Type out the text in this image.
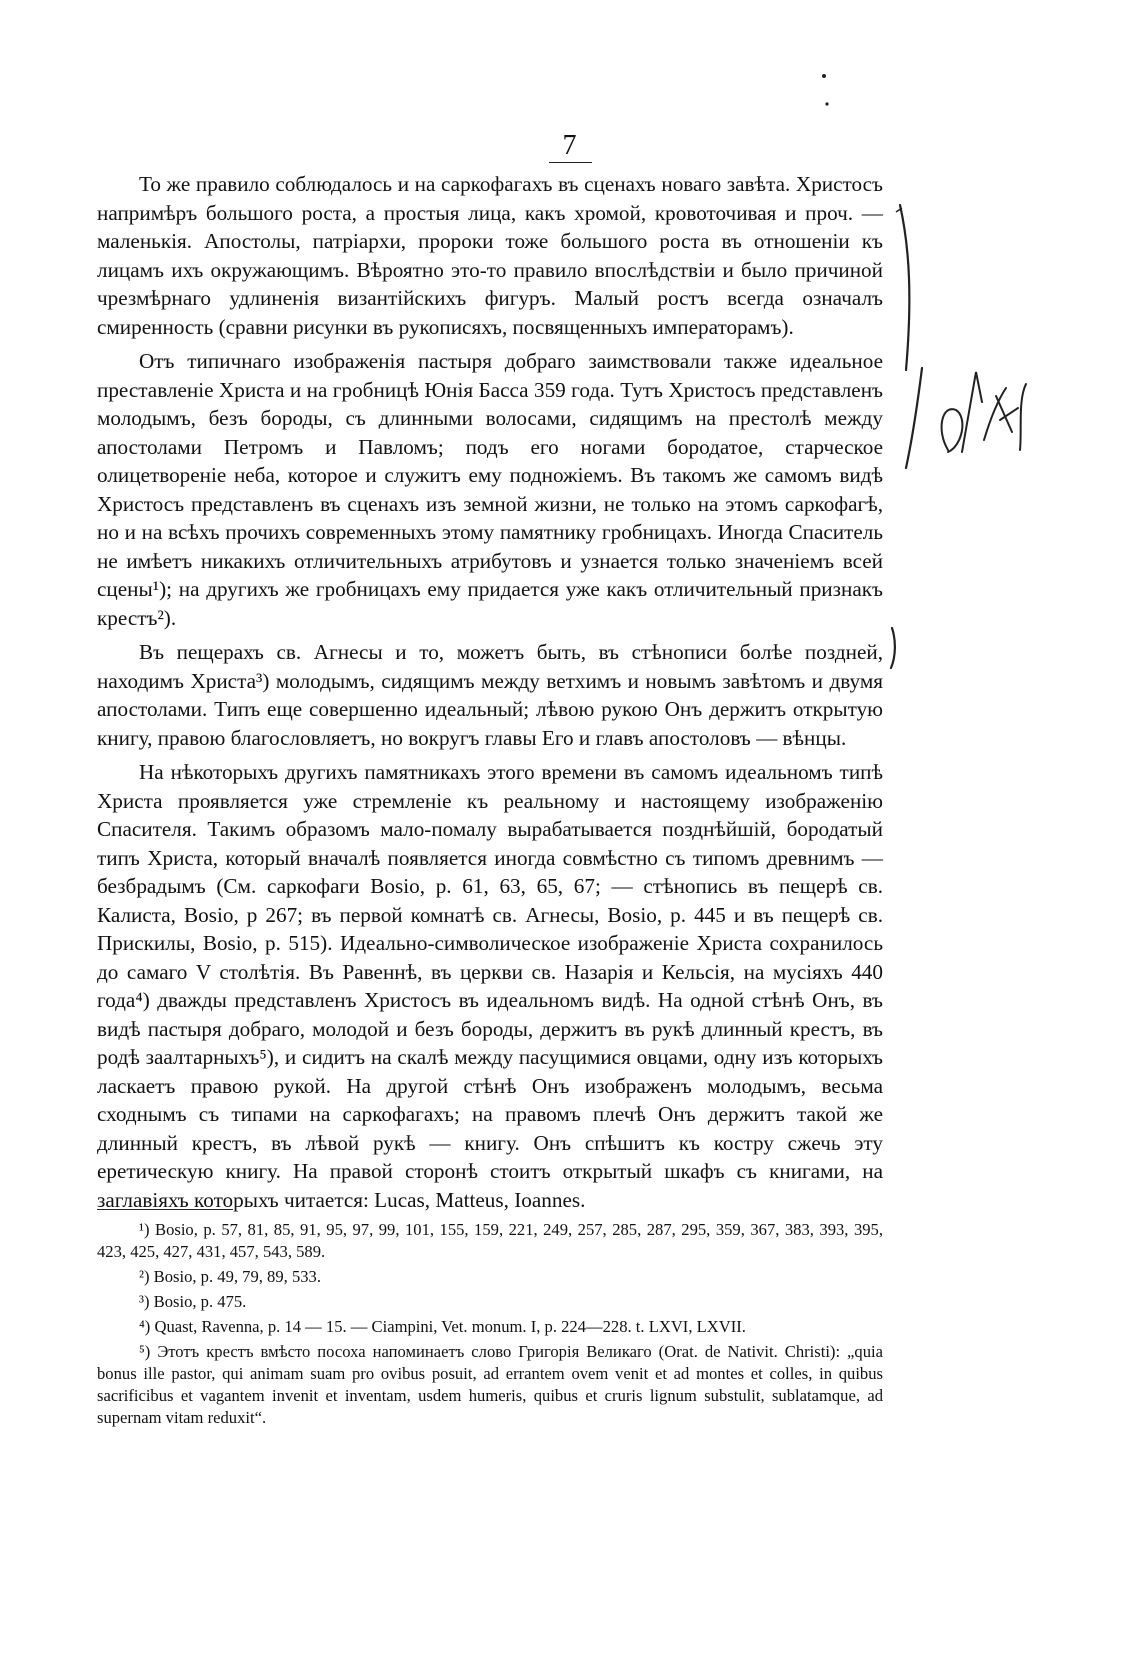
7

То же правило соблюдалось и на саркофагахъ въ сценахъ новаго завѣта. Христосъ напримѣръ большого роста, а простыя лица, какъ хромой, кровоточивая и проч. — маленькія. Апостолы, патріархи, пророки тоже большого роста въ отношеніи къ лицамъ ихъ окружающимъ. Вѣроятно это-то правило впослѣдствіи и было причиной чрезмѣрнаго удлиненія византійскихъ фигуръ. Малый ростъ всегда означалъ смиренность (сравни рисунки въ рукописяхъ, посвященныхъ императорамъ).

Отъ типичнаго изображенія пастыря добраго заимствовали также идеальное преставленіе Христа и на гробницѣ Юнія Басса 359 года. Тутъ Христосъ представленъ молодымъ, безъ бороды, съ длинными волосами, сидящимъ на престолѣ между апостолами Петромъ и Павломъ; подъ его ногами бородатое, старческое олицетвореніе неба, которое и служитъ ему подножіемъ. Въ такомъ же самомъ видѣ Христосъ представленъ въ сценахъ изъ земной жизни, не только на этомъ саркофагѣ, но и на всѣхъ прочихъ современныхъ этому памятнику гробницахъ. Иногда Спаситель не имѣетъ никакихъ отличительныхъ атрибутовъ и узнается только значеніемъ всей сцены¹); на другихъ же гробницахъ ему придается уже какъ отличительный признакъ крестъ²).

Въ пещерахъ св. Агнесы и то, можетъ быть, въ стѣнописи болѣе поздней, находимъ Христа³) молодымъ, сидящимъ между ветхимъ и новымъ завѣтомъ и двумя апостолами. Типъ еще совершенно идеальный; лѣвою рукою Онъ держитъ открытую книгу, правою благословляетъ, но вокругъ главы Его и главъ апостоловъ — вѣнцы.

На нѣкоторыхъ другихъ памятникахъ этого времени въ самомъ идеальномъ типѣ Христа проявляется уже стремленіе къ реальному и настоящему изображенію Спасителя. Такимъ образомъ мало-помалу вырабатывается позднѣйшій, бородатый типъ Христа, который вначалѣ появляется иногда совмѣстно съ типомъ древнимъ — безбрадымъ (См. саркофаги Bosio, p. 61, 63, 65, 67; — стѣнопись въ пещерѣ св. Калиста, Bosio, p 267; въ первой комнатѣ св. Агнесы, Bosio, p. 445 и въ пещерѣ св. Прискилы, Bosio, p. 515). Идеально-символическое изображеніе Христа сохранилось до самаго V столѣтія. Въ Равеннѣ, въ церкви св. Назарія и Кельсія, на мусіяхъ 440 года⁴) дважды представленъ Христосъ въ идеальномъ видѣ. На одной стѣнѣ Онъ, въ видѣ пастыря добраго, молодой и безъ бороды, держитъ въ рукѣ длинный крестъ, въ родѣ заалтарныхъ⁵), и сидитъ на скалѣ между пасущимися овцами, одну изъ которыхъ ласкаетъ правою рукой. На другой стѣнѣ Онъ изображенъ молодымъ, весьма сходнымъ съ типами на саркофагахъ; на правомъ плечѣ Онъ держитъ такой же длинный крестъ, въ лѣвой рукѣ — книгу. Онъ спѣшитъ къ костру сжечь эту еретическую книгу. На правой сторонѣ стоитъ открытый шкафъ съ книгами, на заглавіяхъ которыхъ читается: Lucas, Matteus, Ioannes.

¹) Bosio, p. 57, 81, 85, 91, 95, 97, 99, 101, 155, 159, 221, 249, 257, 285, 287, 295, 359, 367, 383, 393, 395, 423, 425, 427, 431, 457, 543, 589.

²) Bosio, p. 49, 79, 89, 533.

³) Bosio, p. 475.

⁴) Quast, Ravenna, p. 14 — 15. — Ciampini, Vet. monum. I, p. 224—228. t. LXVI, LXVII.

⁵) Этотъ крестъ вмѣсто посоха напоминаетъ слово Григорія Великаго (Orat. de Nativit. Christi): „quia bonus ille pastor, qui animam suam pro ovibus posuit, ad errantem ovem venit et ad montes et colles, in quibus sacrificibus et vagantem invenit et inventam, usdem humeris, quibus et cruris lignum substulit, sublatamque, ad supernam vitam reduxit“.
